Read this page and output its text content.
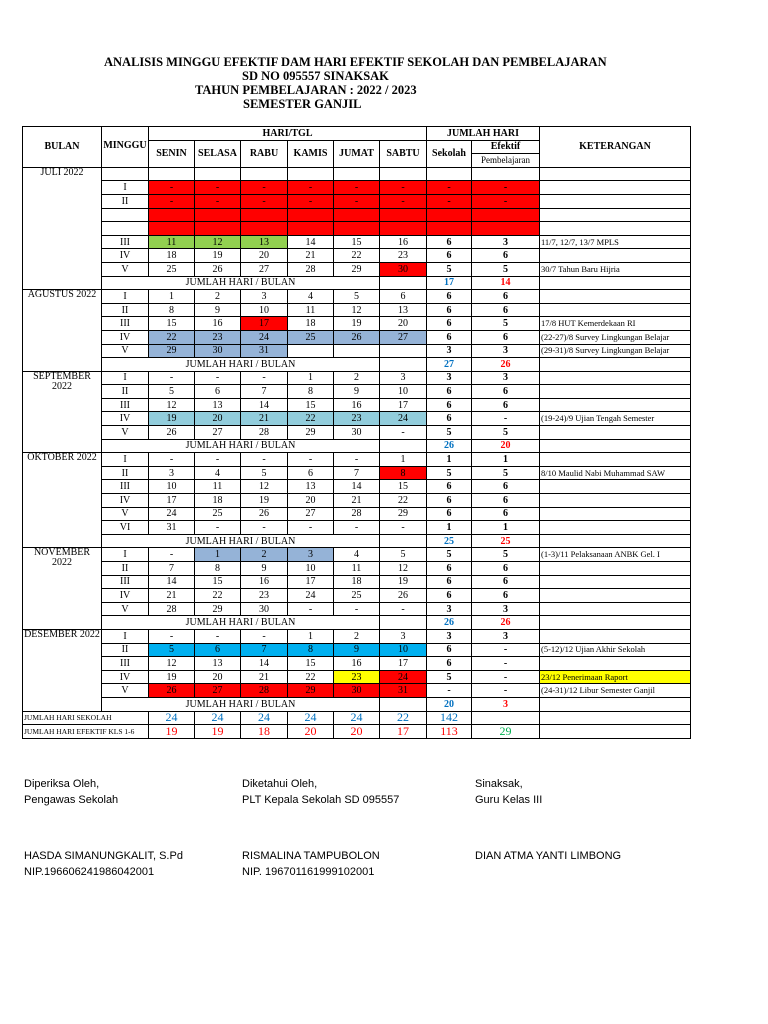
ANALISIS MINGGU EFEKTIF DAM HARI EFEKTIF SEKOLAH DAN PEMBELAJARAN
SD NO 095557 SINAKSAK
TAHUN PEMBELAJARAN : 2022 / 2023
SEMESTER GANJIL
BULAN	MINGGU	HARI/TGL						JUMLAH HARI		KETERANGAN
		SENIN	SELASA	RABU	KAMIS	JUMAT	SABTU	Sekolah	Efektif	
									Pembelajaran	
JULI 2022										
	I	-	-	-	-	-	-	-	-	
	II	-	-	-	-	-	-	-	-	

	III	11	12	13	14	15	16	6	3	11/7, 12/7, 13/7 MPLS
	IV	18	19	20	21	22	23	6	6	
	V	25	26	27	28	29	30	5	5	30/7 Tahun Baru Hijria
	JUMLAH HARI / BULAN							17	14	
AGUSTUS 2022	I	1	2	3	4	5	6	6	6	
	II	8	9	10	11	12	13	6	6	
	III	15	16	17	18	19	20	6	5	17/8 HUT Kemerdekaan RI
	IV	22	23	24	25	26	27	6	6	(22-27)/8 Survey Lingkungan Belajar
	V	29	30	31				3	3	(29-31)/8 Survey Lingkungan Belajar
	JUMLAH HARI / BULAN							27	26	
SEPTEMBER 2022	I	-	-	-	1	2	3	3	3	
	II	5	6	7	8	9	10	6	6	
	III	12	13	14	15	16	17	6	6	
	IV	19	20	21	22	23	24	6	-	(19-24)/9 Ujian Tengah Semester
	V	26	27	28	29	30	-	5	5	
	JUMLAH HARI / BULAN							26	20	
OKTOBER 2022	I	-	-	-	-	-	1	1	1	
	II	3	4	5	6	7	8	5	5	8/10 Maulid Nabi Muhammad SAW
	III	10	11	12	13	14	15	6	6	
	IV	17	18	19	20	21	22	6	6	
	V	24	25	26	27	28	29	6	6	
	VI	31	-	-	-	-	-	1	1	
	JUMLAH HARI / BULAN							25	25	
NOVEMBER 2022	I	-	1	2	3	4	5	5	5	(1-3)/11 Pelaksanaan ANBK Gel. I
	II	7	8	9	10	11	12	6	6	
	III	14	15	16	17	18	19	6	6	
	IV	21	22	23	24	25	26	6	6	
	V	28	29	30	-	-	-	3	3	
	JUMLAH HARI / BULAN							26	26	
DESEMBER 2022	I	-	-	-	1	2	3	3	3	
	II	5	6	7	8	9	10	6	-	(5-12)/12 Ujian Akhir Sekolah
	III	12	13	14	15	16	17	6	-	
	IV	19	20	21	22	23	24	5	-	23/12 Penerimaan Raport
	V	26	27	28	29	30	31	-	-	(24-31)/12 Libur Semester Ganjil
	JUMLAH HARI / BULAN							20	3	
JUMLAH HARI SEKOLAH		24	24	24	24	24	22	142		
JUMLAH HARI EFEKTIF KLS 1-6		19	19	18	20	20	17	113	29	
Diperiksa Oleh,
Pengawas Sekolah
Diketahui Oleh,
PLT Kepala Sekolah SD 095557
Sinaksak,
Guru Kelas III
HASDA SIMANUNGKALIT, S.Pd
NIP.196606241986042001
RISMALINA TAMPUBOLON
NIP. 196701161999102001
DIAN ATMA YANTI LIMBONG
